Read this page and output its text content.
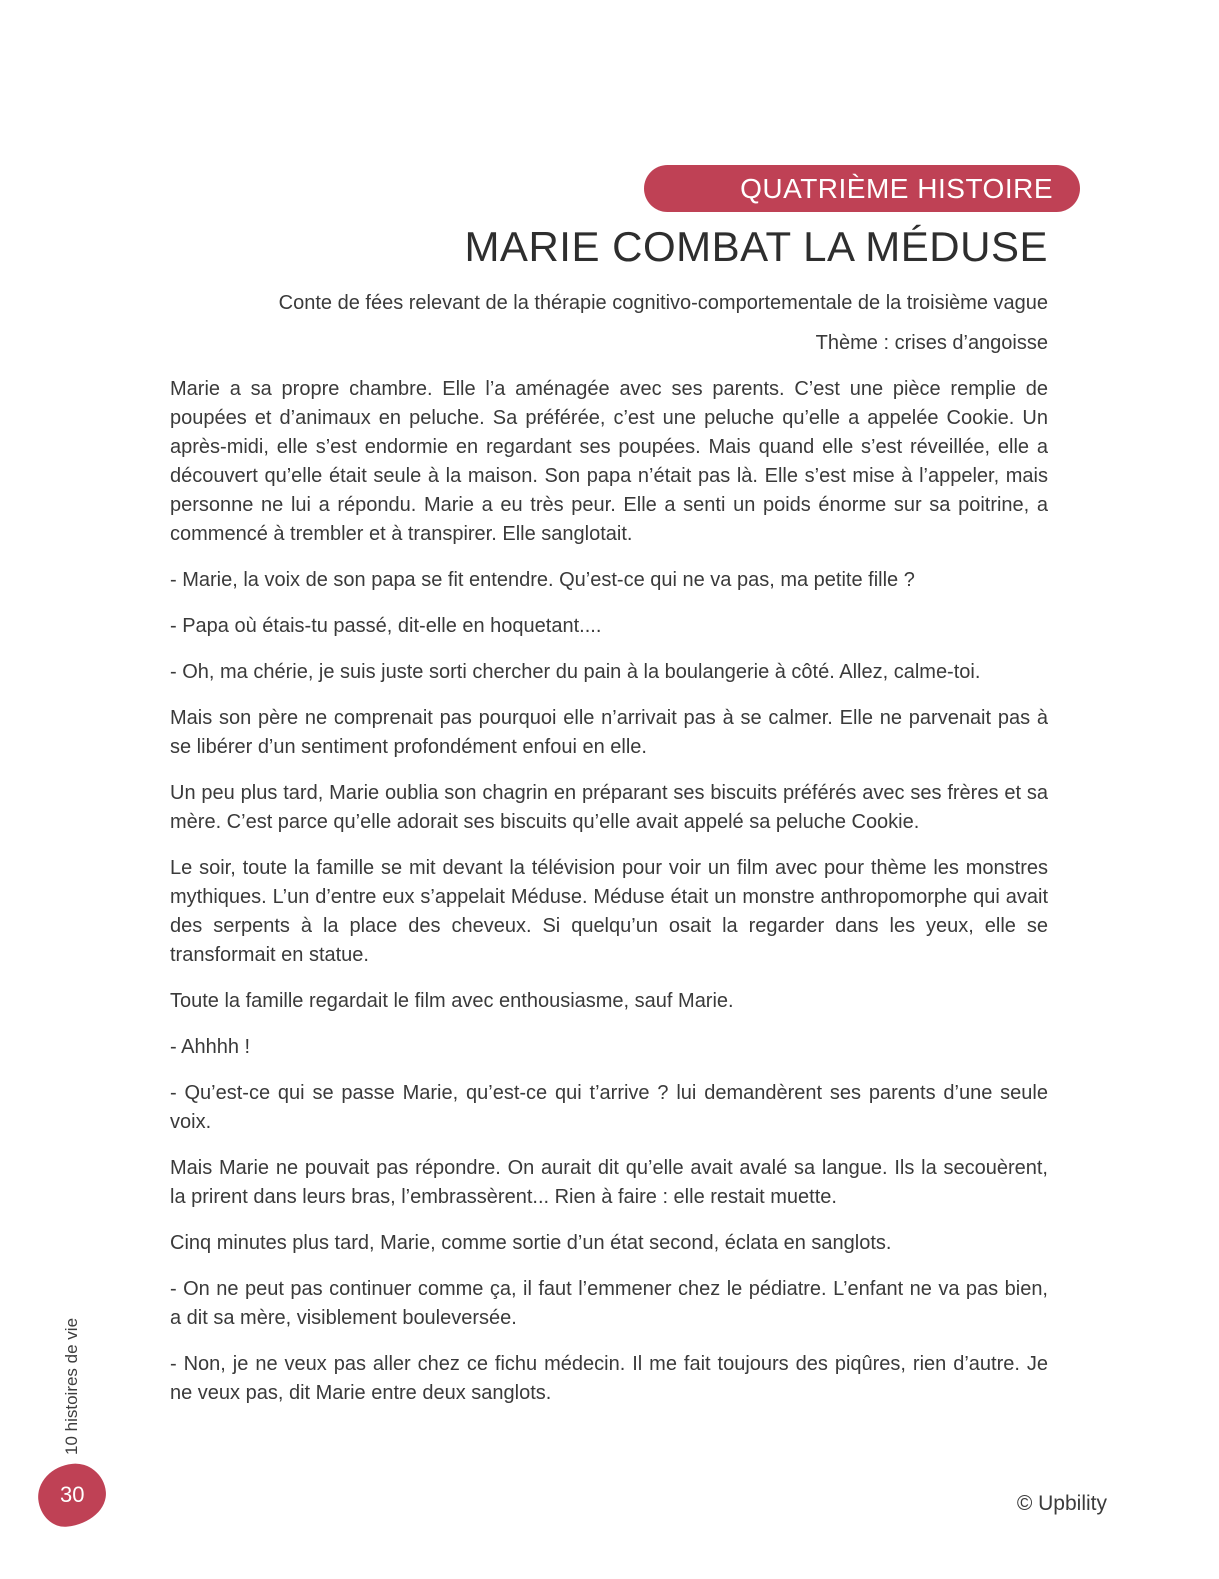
QUATRIÈME HISTOIRE
MARIE COMBAT LA MÉDUSE
Conte de fées relevant de la thérapie cognitivo-comportementale de la troisième vague
Thème : crises d’angoisse

Marie a sa propre chambre. Elle l’a aménagée avec ses parents. C’est une pièce remplie de poupées et d’animaux en peluche. Sa préférée, c’est une peluche qu’elle a appelée Cookie. Un après-midi, elle s’est endormie en regardant ses poupées. Mais quand elle s’est réveillée, elle a découvert qu’elle était seule à la maison. Son papa n’était pas là. Elle s’est mise à l’appeler, mais personne ne lui a répondu. Marie a eu très peur. Elle a senti un poids énorme sur sa poitrine, a commencé à trembler et à transpirer. Elle sanglotait.

- Marie, la voix de son papa se fit entendre. Qu’est-ce qui ne va pas, ma petite fille ?

- Papa où étais-tu passé, dit-elle en hoquetant....

- Oh, ma chérie, je suis juste sorti chercher du pain à la boulangerie à côté. Allez, calme-toi.

Mais son père ne comprenait pas pourquoi elle n’arrivait pas à se calmer. Elle ne parvenait pas à se libérer d’un sentiment profondément enfoui en elle.

Un peu plus tard, Marie oublia son chagrin en préparant ses biscuits préférés avec ses frères et sa mère. C’est parce qu’elle adorait ses biscuits qu’elle avait appelé sa peluche Cookie.

Le soir, toute la famille se mit devant la télévision pour voir un film avec pour thème les monstres mythiques. L’un d’entre eux s’appelait Méduse. Méduse était un monstre anthropomorphe qui avait des serpents à la place des cheveux. Si quelqu’un osait la regarder dans les yeux, elle se transformait en statue.

Toute la famille regardait le film avec enthousiasme, sauf Marie.

- Ahhhh !

- Qu’est-ce qui se passe Marie, qu’est-ce qui t’arrive ? lui demandèrent ses parents d’une seule voix.

Mais Marie ne pouvait pas répondre. On aurait dit qu’elle avait avalé sa langue. Ils la secouèrent, la prirent dans leurs bras, l’embrassèrent... Rien à faire : elle restait muette.

Cinq minutes plus tard, Marie, comme sortie d’un état second, éclata en sanglots.

- On ne peut pas continuer comme ça, il faut l’emmener chez le pédiatre. L’enfant ne va pas bien, a dit sa mère, visiblement bouleversée.

- Non, je ne veux pas aller chez ce fichu médecin. Il me fait toujours des piqûres, rien d’autre. Je ne veux pas, dit Marie entre deux sanglots.

10 histoires de vie
30	© Upbility
